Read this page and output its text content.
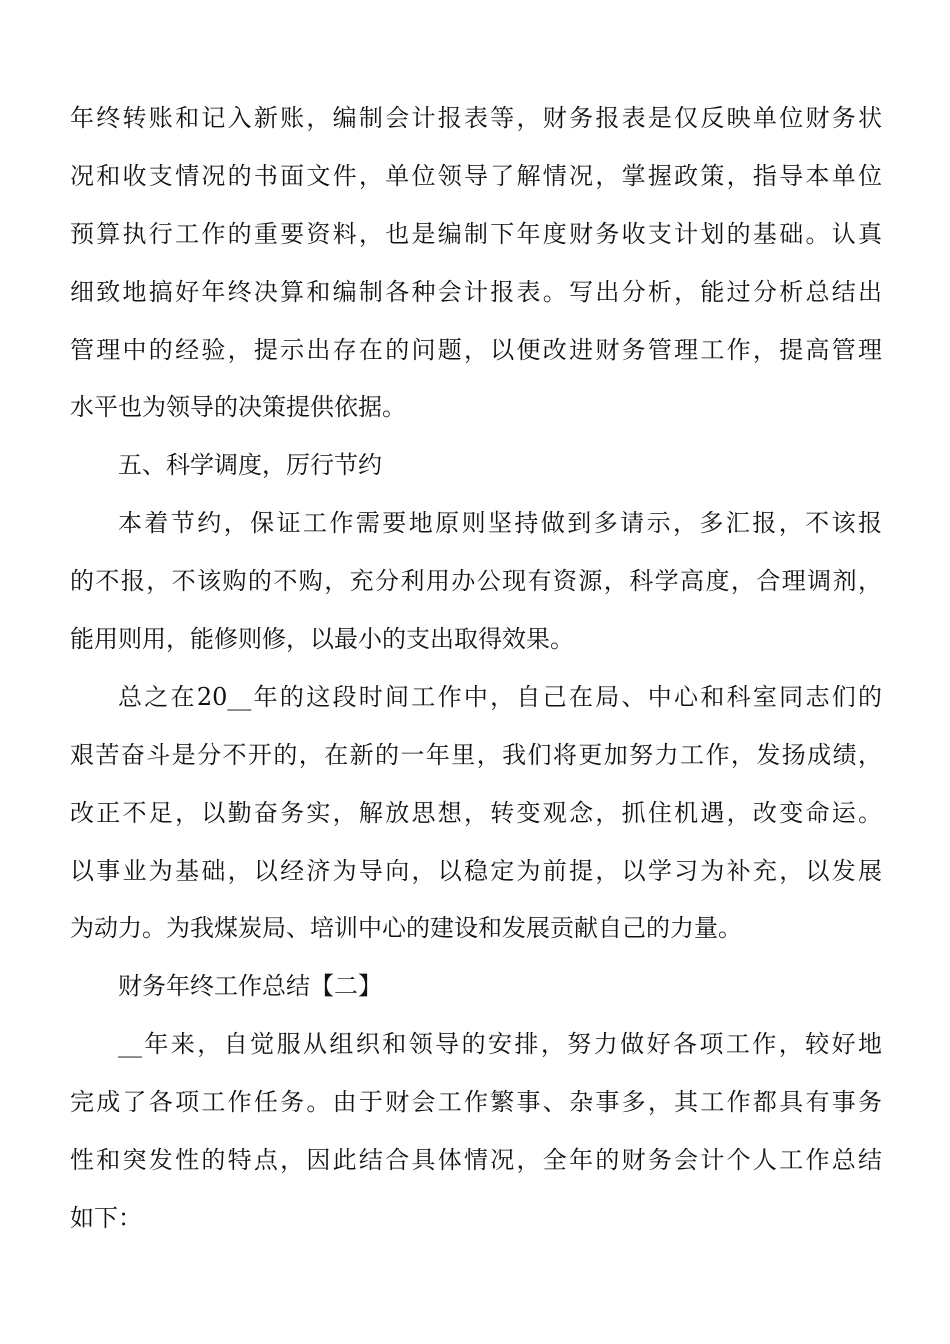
年终转账和记入新账，编制会计报表等，财务报表是仅反映单位财务状
况和收支情况的书面文件，单位领导了解情况，掌握政策，指导本单位
预算执行工作的重要资料，也是编制下年度财务收支计划的基础。认真
细致地搞好年终决算和编制各种会计报表。写出分析，能过分析总结出
管理中的经验，提示出存在的问题，以便改进财务管理工作，提高管理
水平也为领导的决策提供依据。
五、科学调度，厉行节约
本着节约，保证工作需要地原则坚持做到多请示，多汇报，不该报
的不报，不该购的不购，充分利用办公现有资源，科学高度，合理调剂，
能用则用，能修则修，以最小的支出取得效果。
总之在20__年的这段时间工作中，自己在局、中心和科室同志们的
艰苦奋斗是分不开的，在新的一年里，我们将更加努力工作，发扬成绩，
改正不足，以勤奋务实，解放思想，转变观念，抓住机遇，改变命运。
以事业为基础，以经济为导向，以稳定为前提，以学习为补充，以发展
为动力。为我煤炭局、培训中心的建设和发展贡献自己的力量。
财务年终工作总结【二】
__年来，自觉服从组织和领导的安排，努力做好各项工作，较好地
完成了各项工作任务。由于财会工作繁事、杂事多，其工作都具有事务
性和突发性的特点，因此结合具体情况，全年的财务会计个人工作总结
如下：
